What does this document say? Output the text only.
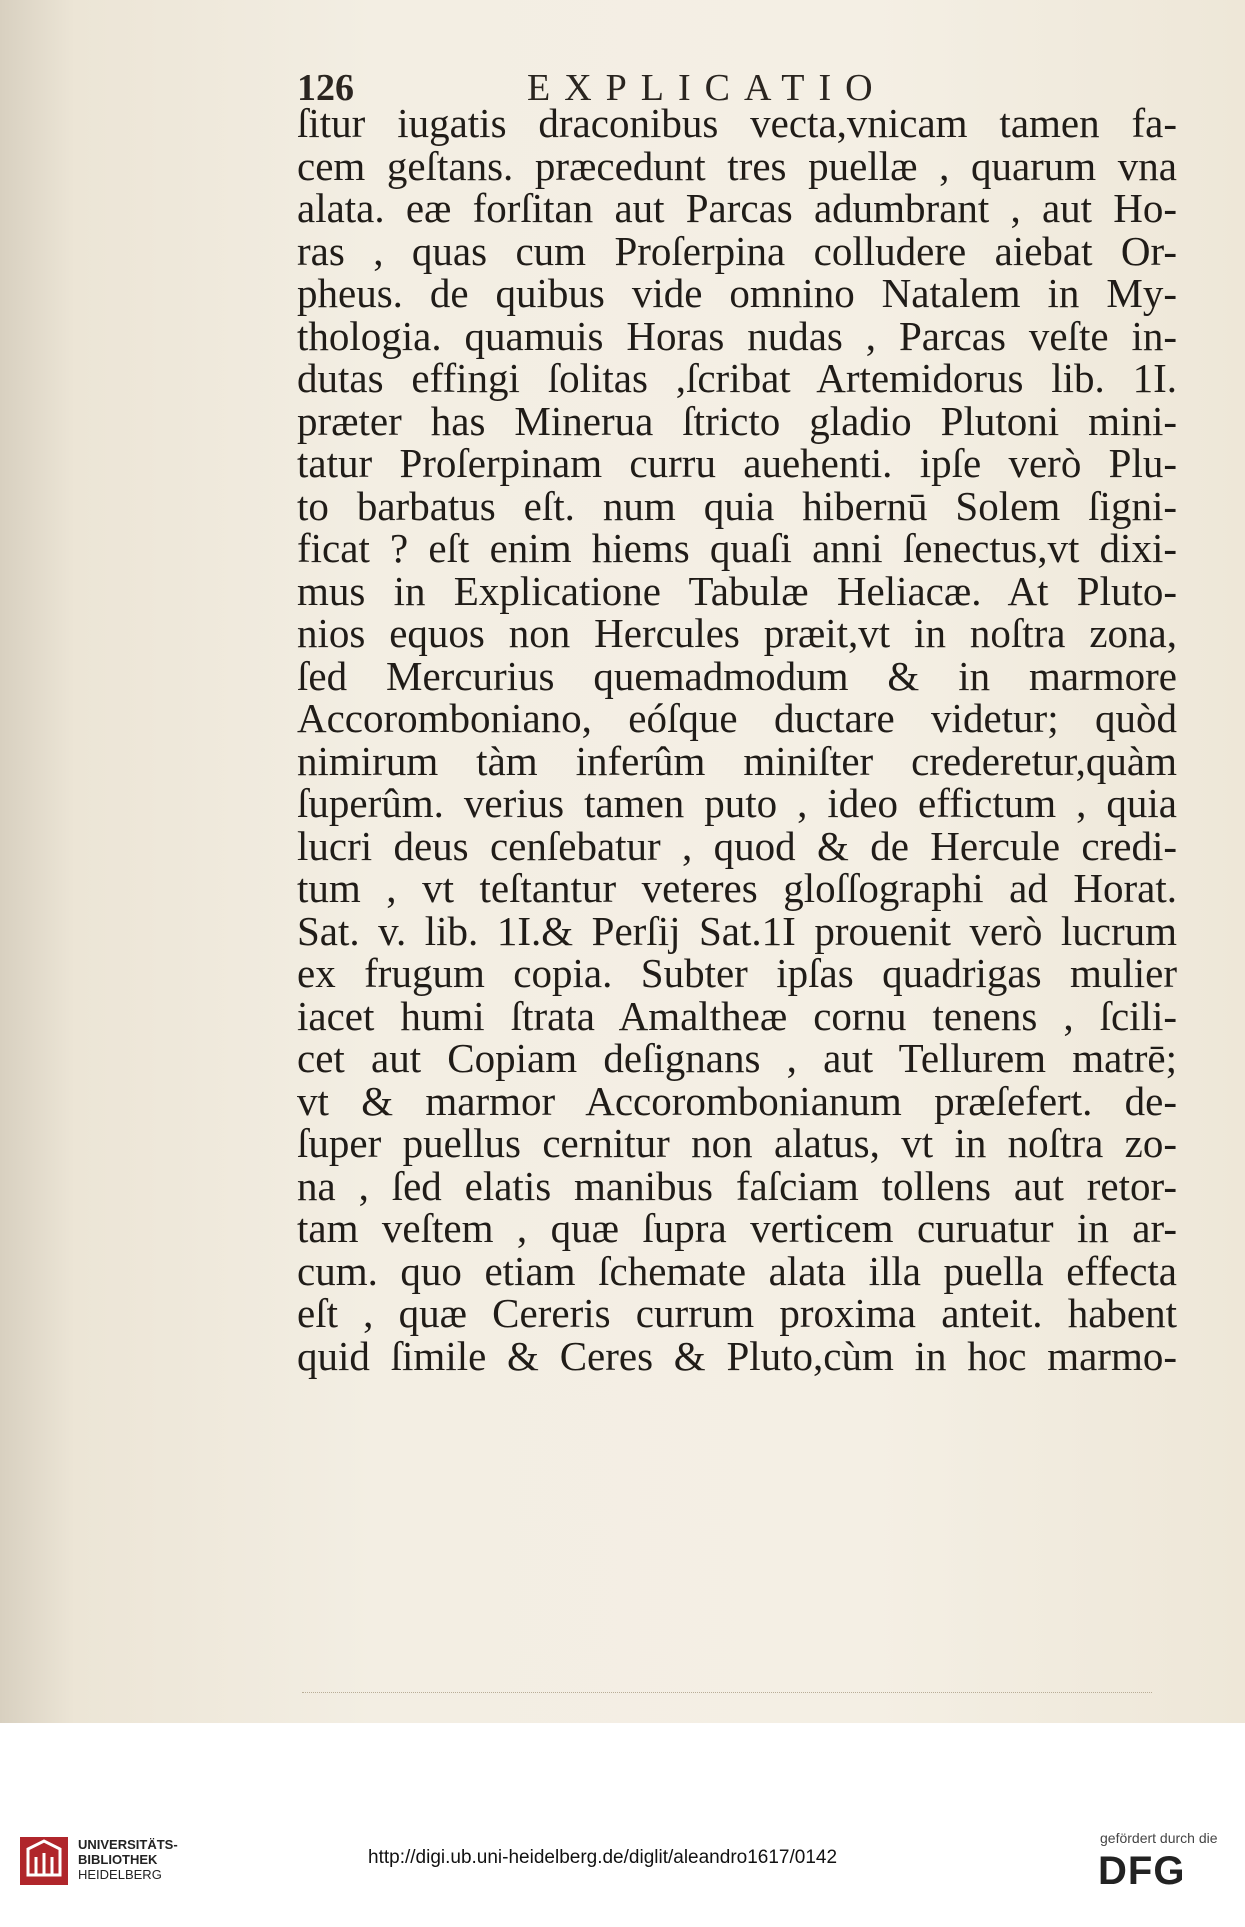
126	EXPLICATIO
ſitur iugatis draconibus vecta,vnicam tamen fa-
cem geſtans. præcedunt tres puellæ , quarum vna
alata. eæ forſitan aut Parcas adumbrant , aut Ho-
ras , quas cum Proſerpina colludere aiebat Or-
pheus. de quibus vide omnino Natalem in My-
thologia. quamuis Horas nudas , Parcas veſte in-
dutas effingi ſolitas ,ſcribat Artemidorus lib. 1I.
præter has Minerua ſtricto gladio Plutoni mini-
tatur Proſerpinam curru auehenti. ipſe verò Plu-
to barbatus eſt. num quia hibernū Solem ſigni-
ficat ? eſt enim hiems quaſi anni ſenectus,vt dixi-
mus in Explicatione Tabulæ Heliacæ. At Pluto-
nios equos non Hercules præit,vt in noſtra zona,
ſed Mercurius quemadmodum & in marmore
Accoromboniano, eóſque ductare videtur; quòd
nimirum tàm inferûm miniſter crederetur,quàm
ſuperûm. verius tamen puto , ideo effictum , quia
lucri deus cenſebatur , quod & de Hercule credi-
tum , vt teſtantur veteres gloſſographi ad Horat.
Sat. v. lib. 1I.& Perſij Sat.1I prouenit verò lucrum
ex frugum copia. Subter ipſas quadrigas mulier
iacet humi ſtrata Amaltheæ cornu tenens , ſcili-
cet aut Copiam deſignans , aut Tellurem matrē;
vt & marmor Accorombonianum præſefert. de-
ſuper puellus cernitur non alatus, vt in noſtra zo-
na , ſed elatis manibus faſciam tollens aut retor-
tam veſtem , quæ ſupra verticem curuatur in ar-
cum. quo etiam ſchemate alata illa puella effecta
eſt , quæ Cereris currum proxima anteit. habent
quid ſimile & Ceres & Pluto,cùm in hoc marmo-
UNIVERSITÄTS-
BIBLIOTHEK
HEIDELBERG
http://digi.ub.uni-heidelberg.de/diglit/aleandro1617/0142
gefördert durch die
DFG
